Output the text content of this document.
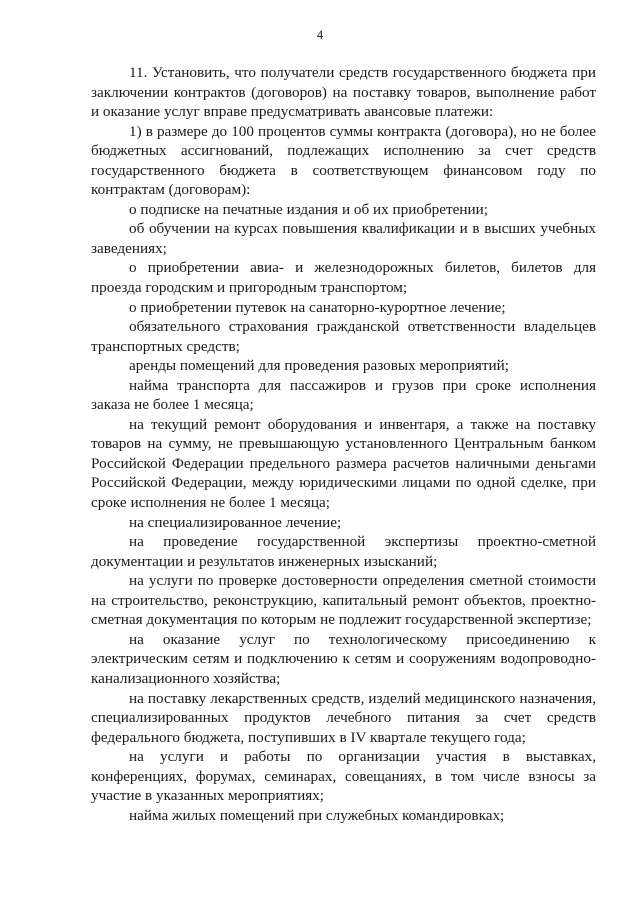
4

11. Установить, что получатели средств государственного бюджета при заключении контрактов (договоров) на поставку товаров, выполнение работ и оказание услуг вправе предусматривать авансовые платежи:

1) в размере до 100 процентов суммы контракта (договора), но не более бюджетных ассигнований, подлежащих исполнению за счет средств государственного бюджета в соответствующем финансовом году по контрактам (договорам):

о подписке на печатные издания и об их приобретении;

об обучении на курсах повышения квалификации и в высших учебных заведениях;

о приобретении авиа- и железнодорожных билетов, билетов для проезда городским и пригородным транспортом;

о приобретении путевок на санаторно-курортное лечение;

обязательного страхования гражданской ответственности владельцев транспортных средств;

аренды помещений для проведения разовых мероприятий;

найма транспорта для пассажиров и грузов при сроке исполнения заказа не более 1 месяца;

на текущий ремонт оборудования и инвентаря, а также на поставку товаров на сумму, не превышающую установленного Центральным банком Российской Федерации предельного размера расчетов наличными деньгами Российской Федерации, между юридическими лицами по одной сделке, при сроке исполнения не более 1 месяца;

на специализированное лечение;

на проведение государственной экспертизы проектно-сметной документации и результатов инженерных изысканий;

на услуги по проверке достоверности определения сметной стоимости на строительство, реконструкцию, капитальный ремонт объектов, проектно-сметная документация по которым не подлежит государственной экспертизе;

на оказание услуг по технологическому присоединению к электрическим сетям и подключению к сетям и сооружениям водопроводно-канализационного хозяйства;

на поставку лекарственных средств, изделий медицинского назначения, специализированных продуктов лечебного питания за счет средств федерального бюджета, поступивших в IV квартале текущего года;

на услуги и работы по организации участия в выставках, конференциях, форумах, семинарах, совещаниях, в том числе взносы за участие в указанных мероприятиях;

найма жилых помещений при служебных командировках;
